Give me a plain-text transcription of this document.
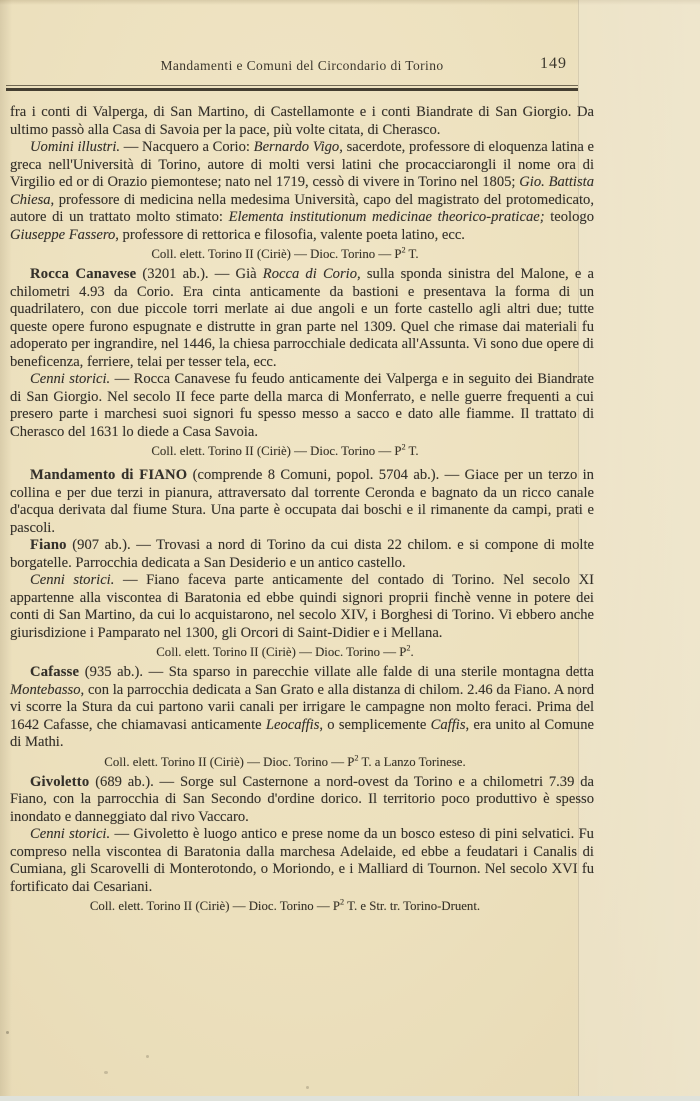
Mandamenti e Comuni del Circondario di Torino	149

fra i conti di Valperga, di San Martino, di Castellamonte e i conti Biandrate di San Giorgio. Da ultimo passò alla Casa di Savoia per la pace, più volte citata, di Cherasco.

Uomini illustri. — Nacquero a Corio: Bernardo Vigo, sacerdote, professore di eloquenza latina e greca nell'Università di Torino, autore di molti versi latini che procacciarongli il nome ora di Virgilio ed or di Orazio piemontese; nato nel 1719, cessò di vivere in Torino nel 1805; Gio. Battista Chiesa, professore di medicina nella medesima Università, capo del magistrato del protomedicato, autore di un trattato molto stimato: Elementa institutionum medicinae theorico-praticae; teologo Giuseppe Fassero, professore di rettorica e filosofia, valente poeta latino, ecc.

Coll. elett. Torino II (Ciriè) — Dioc. Torino — $P^2$ T.

Rocca Canavese (3201 ab.). — Già Rocca di Corio, sulla sponda sinistra del Malone, e a chilometri 4.93 da Corio. Era cinta anticamente da bastioni e presentava la forma di un quadrilatero, con due piccole torri merlate ai due angoli e un forte castello agli altri due; tutte queste opere furono espugnate e distrutte in gran parte nel 1309. Quel che rimase dai materiali fu adoperato per ingrandire, nel 1446, la chiesa parrocchiale dedicata all'Assunta. Vi sono due opere di beneficenza, ferriere, telai per tesser tela, ecc.

Cenni storici. — Rocca Canavese fu feudo anticamente dei Valperga e in seguito dei Biandrate di San Giorgio. Nel secolo II fece parte della marca di Monferrato, e nelle guerre frequenti a cui presero parte i marchesi suoi signori fu spesso messo a sacco e dato alle fiamme. Il trattato di Cherasco del 1631 lo diede a Casa Savoia.

Coll. elett. Torino II (Ciriè) — Dioc. Torino — $P^2$ T.

Mandamento di FIANO (comprende 8 Comuni, popol. 5704 ab.). — Giace per un terzo in collina e per due terzi in pianura, attraversato dal torrente Ceronda e bagnato da un ricco canale d'acqua derivata dal fiume Stura. Una parte è occupata dai boschi e il rimanente da campi, prati e pascoli.

Fiano (907 ab.). — Trovasi a nord di Torino da cui dista 22 chilom. e si compone di molte borgatelle. Parrocchia dedicata a San Desiderio e un antico castello.

Cenni storici. — Fiano faceva parte anticamente del contado di Torino. Nel secolo XI appartenne alla viscontea di Baratonia ed ebbe quindi signori proprii finchè venne in potere dei conti di San Martino, da cui lo acquistarono, nel secolo XIV, i Borghesi di Torino. Vi ebbero anche giurisdizione i Pamparato nel 1300, gli Orcori di Saint-Didier e i Mellana.

Coll. elett. Torino II (Ciriè) — Dioc. Torino — $P^2$.

Cafasse (935 ab.). — Sta sparso in parecchie villate alle falde di una sterile montagna detta Montebasso, con la parrocchia dedicata a San Grato e alla distanza di chilom. 2.46 da Fiano. A nord vi scorre la Stura da cui partono varii canali per irrigare le campagne non molto feraci. Prima del 1642 Cafasse, che chiamavasi anticamente Leocaffis, o semplicemente Caffis, era unito al Comune di Mathi.

Coll. elett. Torino II (Ciriè) — Dioc. Torino — $P^2$ T. a Lanzo Torinese.

Givoletto (689 ab.). — Sorge sul Casternone a nord-ovest da Torino e a chilometri 7.39 da Fiano, con la parrocchia di San Secondo d'ordine dorico. Il territorio poco produttivo è spesso inondato e danneggiato dal rivo Vaccaro.

Cenni storici. — Givoletto è luogo antico e prese nome da un bosco esteso di pini selvatici. Fu compreso nella viscontea di Baratonia dalla marchesa Adelaide, ed ebbe a feudatari i Canalis di Cumiana, gli Scarovelli di Monterotondo, o Moriondo, e i Malliard di Tournon. Nel secolo XVI fu fortificato dai Cesariani.

Coll. elett. Torino II (Ciriè) — Dioc. Torino — $P^2$ T. e Str. tr. Torino-Druent.
